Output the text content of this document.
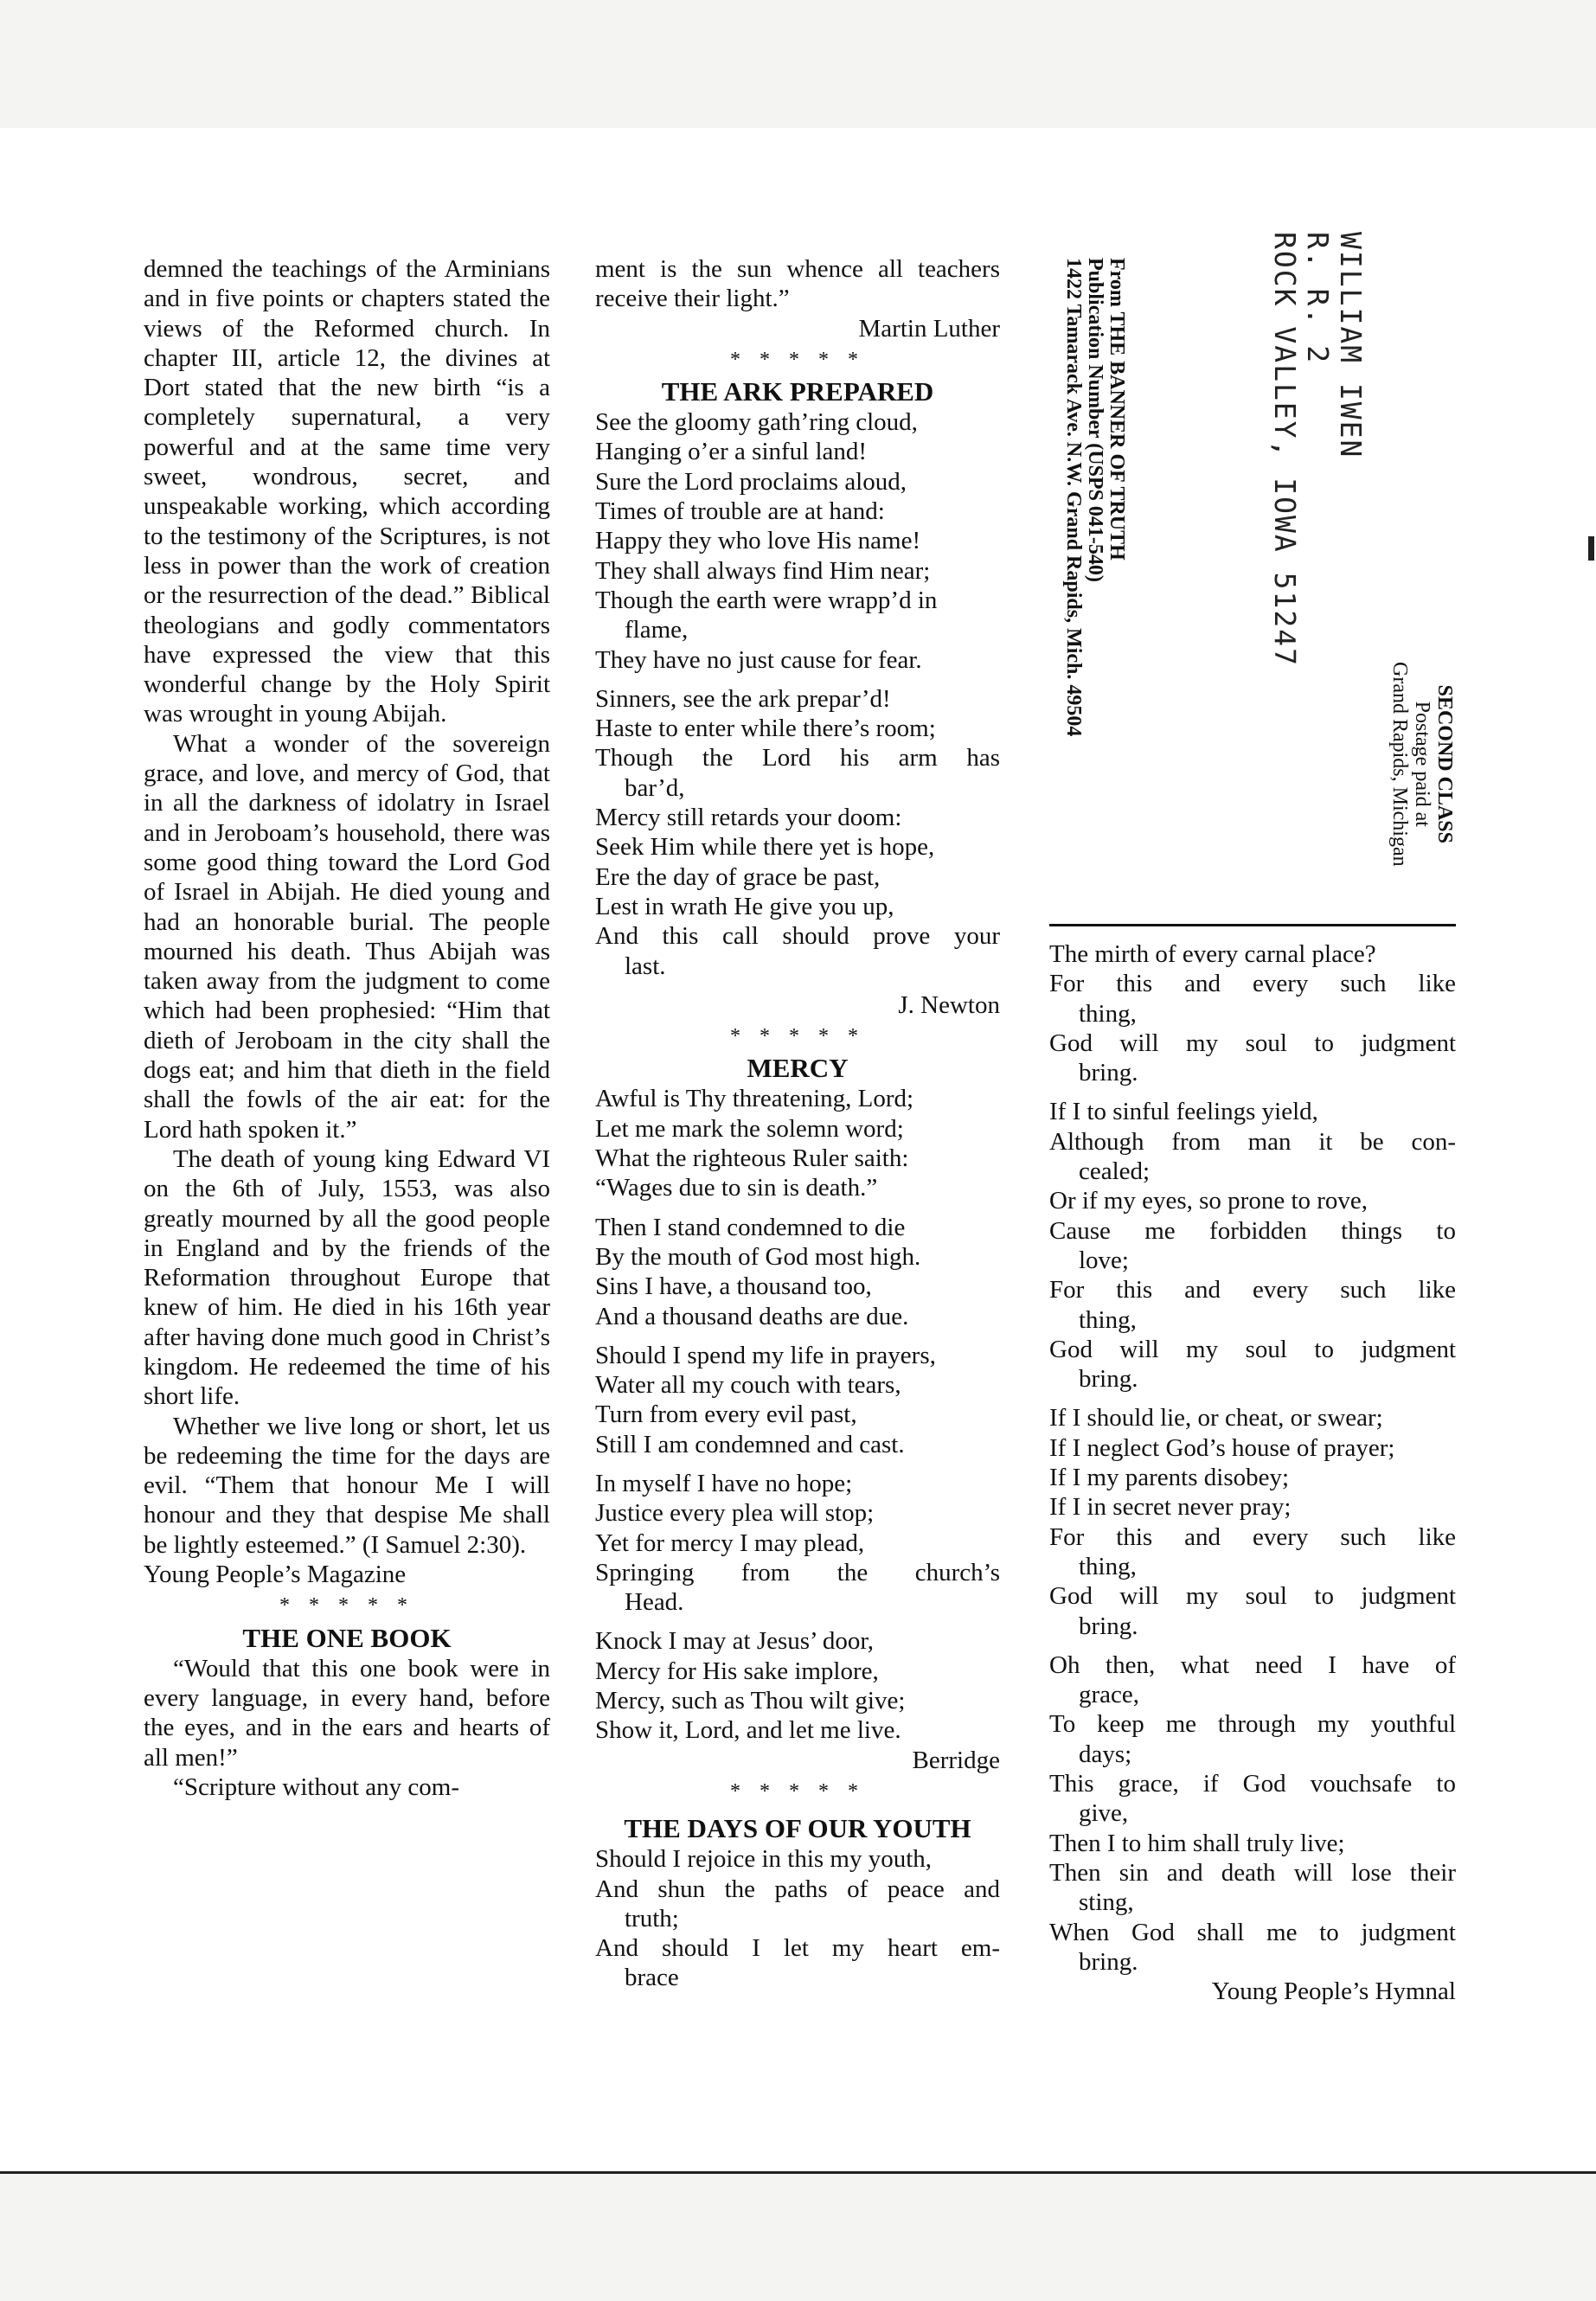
WILLIAM IWEN
R. R. 2
ROCK VALLEY, IOWA 51247
From THE BANNER OF TRUTH
Publication Number (USPS 041-540)
1422 Tamarack Ave. N.W. Grand Rapids, Mich. 49504
SECOND CLASS
Postage paid at
Grand Rapids, Michigan

demned the teachings of the Arminians and in five points or chapters stated the views of the Reformed church. In chapter III, article 12, the divines at Dort stated that the new birth “is a completely supernatural, a very powerful and at the same time very sweet, wondrous, secret, and unspeakable working, which according to the testimony of the Scriptures, is not less in power than the work of creation or the resurrection of the dead.” Biblical theologians and godly commentators have expressed the view that this wonderful change by the Holy Spirit was wrought in young Abijah.

What a wonder of the sovereign grace, and love, and mercy of God, that in all the darkness of idolatry in Israel and in Jeroboam’s household, there was some good thing toward the Lord God of Israel in Abijah. He died young and had an honorable burial. The people mourned his death. Thus Abijah was taken away from the judgment to come which had been prophesied: “Him that dieth of Jeroboam in the city shall the dogs eat; and him that dieth in the field shall the fowls of the air eat: for the Lord hath spoken it.”

The death of young king Edward VI on the 6th of July, 1553, was also greatly mourned by all the good people in England and by the friends of the Reformation throughout Europe that knew of him. He died in his 16th year after having done much good in Christ’s kingdom. He redeemed the time of his short life.

Whether we live long or short, let us be redeeming the time for the days are evil. “Them that honour Me I will honour and they that despise Me shall be lightly esteemed.” (I Samuel 2:30).

Young People’s Magazine

* * * * *
THE ONE BOOK

“Would that this one book were in every language, in every hand, before the eyes, and in the ears and hearts of all men!”

“Scripture without any com-

ment is the sun whence all teachers receive their light.”

Martin Luther

* * * * *
THE ARK PREPARED

See the gloomy gath’ring cloud,

Hanging o’er a sinful land!

Sure the Lord proclaims aloud,

Times of trouble are at hand:

Happy they who love His name!

They shall always find Him near;

Though the earth were wrapp’d in

flame,

They have no just cause for fear.

Sinners, see the ark prepar’d!

Haste to enter while there’s room;

Though the Lord his arm has

bar’d,

Mercy still retards your doom:

Seek Him while there yet is hope,

Ere the day of grace be past,

Lest in wrath He give you up,

And this call should prove your

last.

J. Newton

* * * * *
MERCY

Awful is Thy threatening, Lord;

Let me mark the solemn word;

What the righteous Ruler saith:

“Wages due to sin is death.”

Then I stand condemned to die

By the mouth of God most high.

Sins I have, a thousand too,

And a thousand deaths are due.

Should I spend my life in prayers,

Water all my couch with tears,

Turn from every evil past,

Still I am condemned and cast.

In myself I have no hope;

Justice every plea will stop;

Yet for mercy I may plead,

Springing from the church’s

Head.

Knock I may at Jesus’ door,

Mercy for His sake implore,

Mercy, such as Thou wilt give;

Show it, Lord, and let me live.

Berridge

* * * * *
THE DAYS OF OUR YOUTH

Should I rejoice in this my youth,

And shun the paths of peace and

truth;

And should I let my heart em-

brace

The mirth of every carnal place?

For this and every such like

thing,

God will my soul to judgment

bring.

If I to sinful feelings yield,

Although from man it be con-

cealed;

Or if my eyes, so prone to rove,

Cause me forbidden things to

love;

For this and every such like

thing,

God will my soul to judgment

bring.

If I should lie, or cheat, or swear;

If I neglect God’s house of prayer;

If I my parents disobey;

If I in secret never pray;

For this and every such like

thing,

God will my soul to judgment

bring.

Oh then, what need I have of

grace,

To keep me through my youthful

days;

This grace, if God vouchsafe to

give,

Then I to him shall truly live;

Then sin and death will lose their

sting,

When God shall me to judgment

bring.

Young People’s Hymnal
